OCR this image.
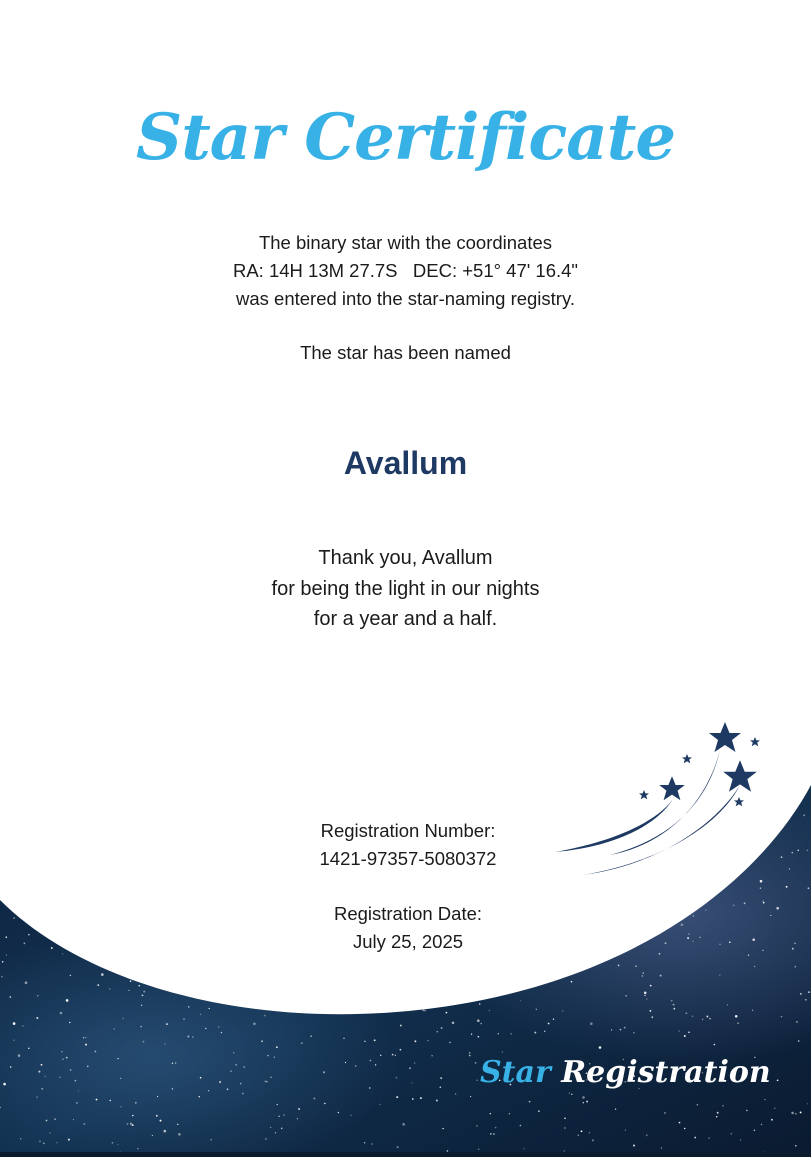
Star Certificate
The binary star with the coordinates
RA: 14H 13M 27.7S   DEC: +51° 47' 16.4"
was entered into the star-naming registry.
The star has been named
Avallum
Thank you, Avallum
for being the light in our nights
for a year and a half.
Registration Number:
1421-97357-5080372
Registration Date:
July 25, 2025
Star Registration
